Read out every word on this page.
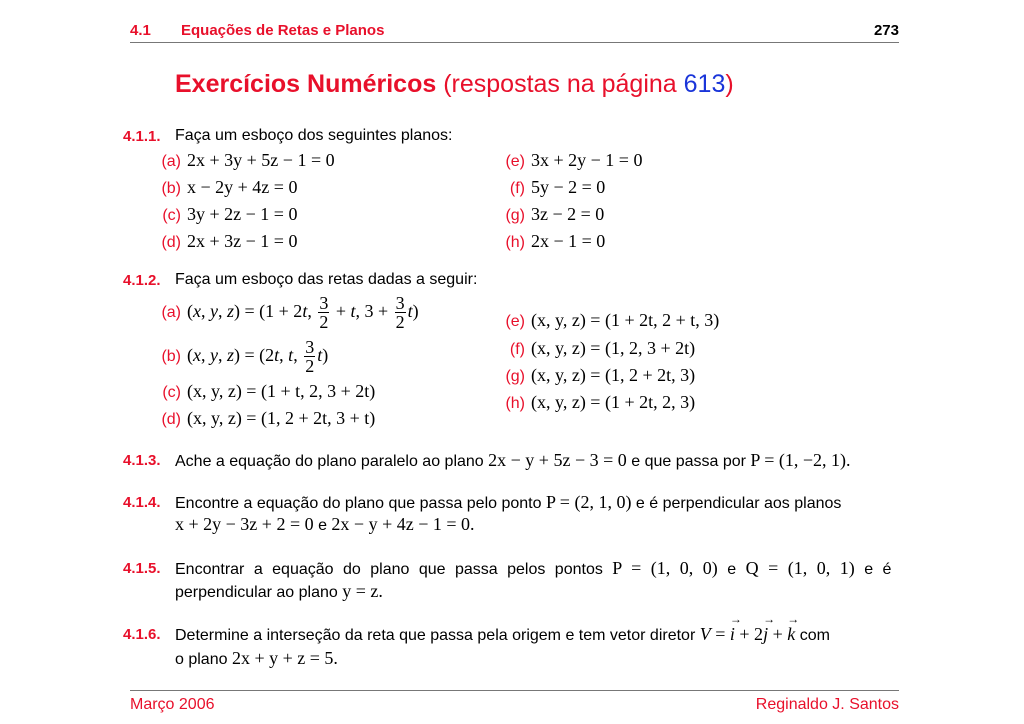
4.1 Equações de Retas e Planos	273
Exercícios Numéricos (respostas na página 613)
4.1.1. Faça um esboço dos seguintes planos:
(a) 2x + 3y + 5z − 1 = 0
(b) x − 2y + 4z = 0
(c) 3y + 2z − 1 = 0
(d) 2x + 3z − 1 = 0
(e) 3x + 2y − 1 = 0
(f) 5y − 2 = 0
(g) 3z − 2 = 0
(h) 2x − 1 = 0
4.1.2. Faça um esboço das retas dadas a seguir:
(a) (x, y, z) = (1 + 2t, $\frac{3}{2} + t$, $3 + \frac{3}{2} t$)
(b) (x, y, z) = (2t, t, $\frac{3}{2} t$)
(c) (x, y, z) = (1 + t, 2, 3 + 2t)
(d) (x, y, z) = (1, 2 + 2t, 3 + t)
(e) (x, y, z) = (1 + 2t, 2 + t, 3)
(f) (x, y, z) = (1, 2, 3 + 2t)
(g) (x, y, z) = (1, 2 + 2t, 3)
(h) (x, y, z) = (1 + 2t, 2, 3)
4.1.3. Ache a equação do plano paralelo ao plano 2x − y + 5z − 3 = 0 e que passa por P = (1, −2, 1).
4.1.4. Encontre a equação do plano que passa pelo ponto P = (2, 1, 0) e é perpendicular aos planos
x + 2y − 3z + 2 = 0 e 2x − y + 4z − 1 = 0.
4.1.5. Encontrar a equação do plano que passa pelos pontos P = (1, 0, 0) e Q = (1, 0, 1) e é
perpendicular ao plano y = z.
4.1.6. Determine a interseção da reta que passa pela origem e tem vetor diretor V = → i + 2→ j + → k com
o plano 2x + y + z = 5.
Março 2006	Reginaldo J. Santos
